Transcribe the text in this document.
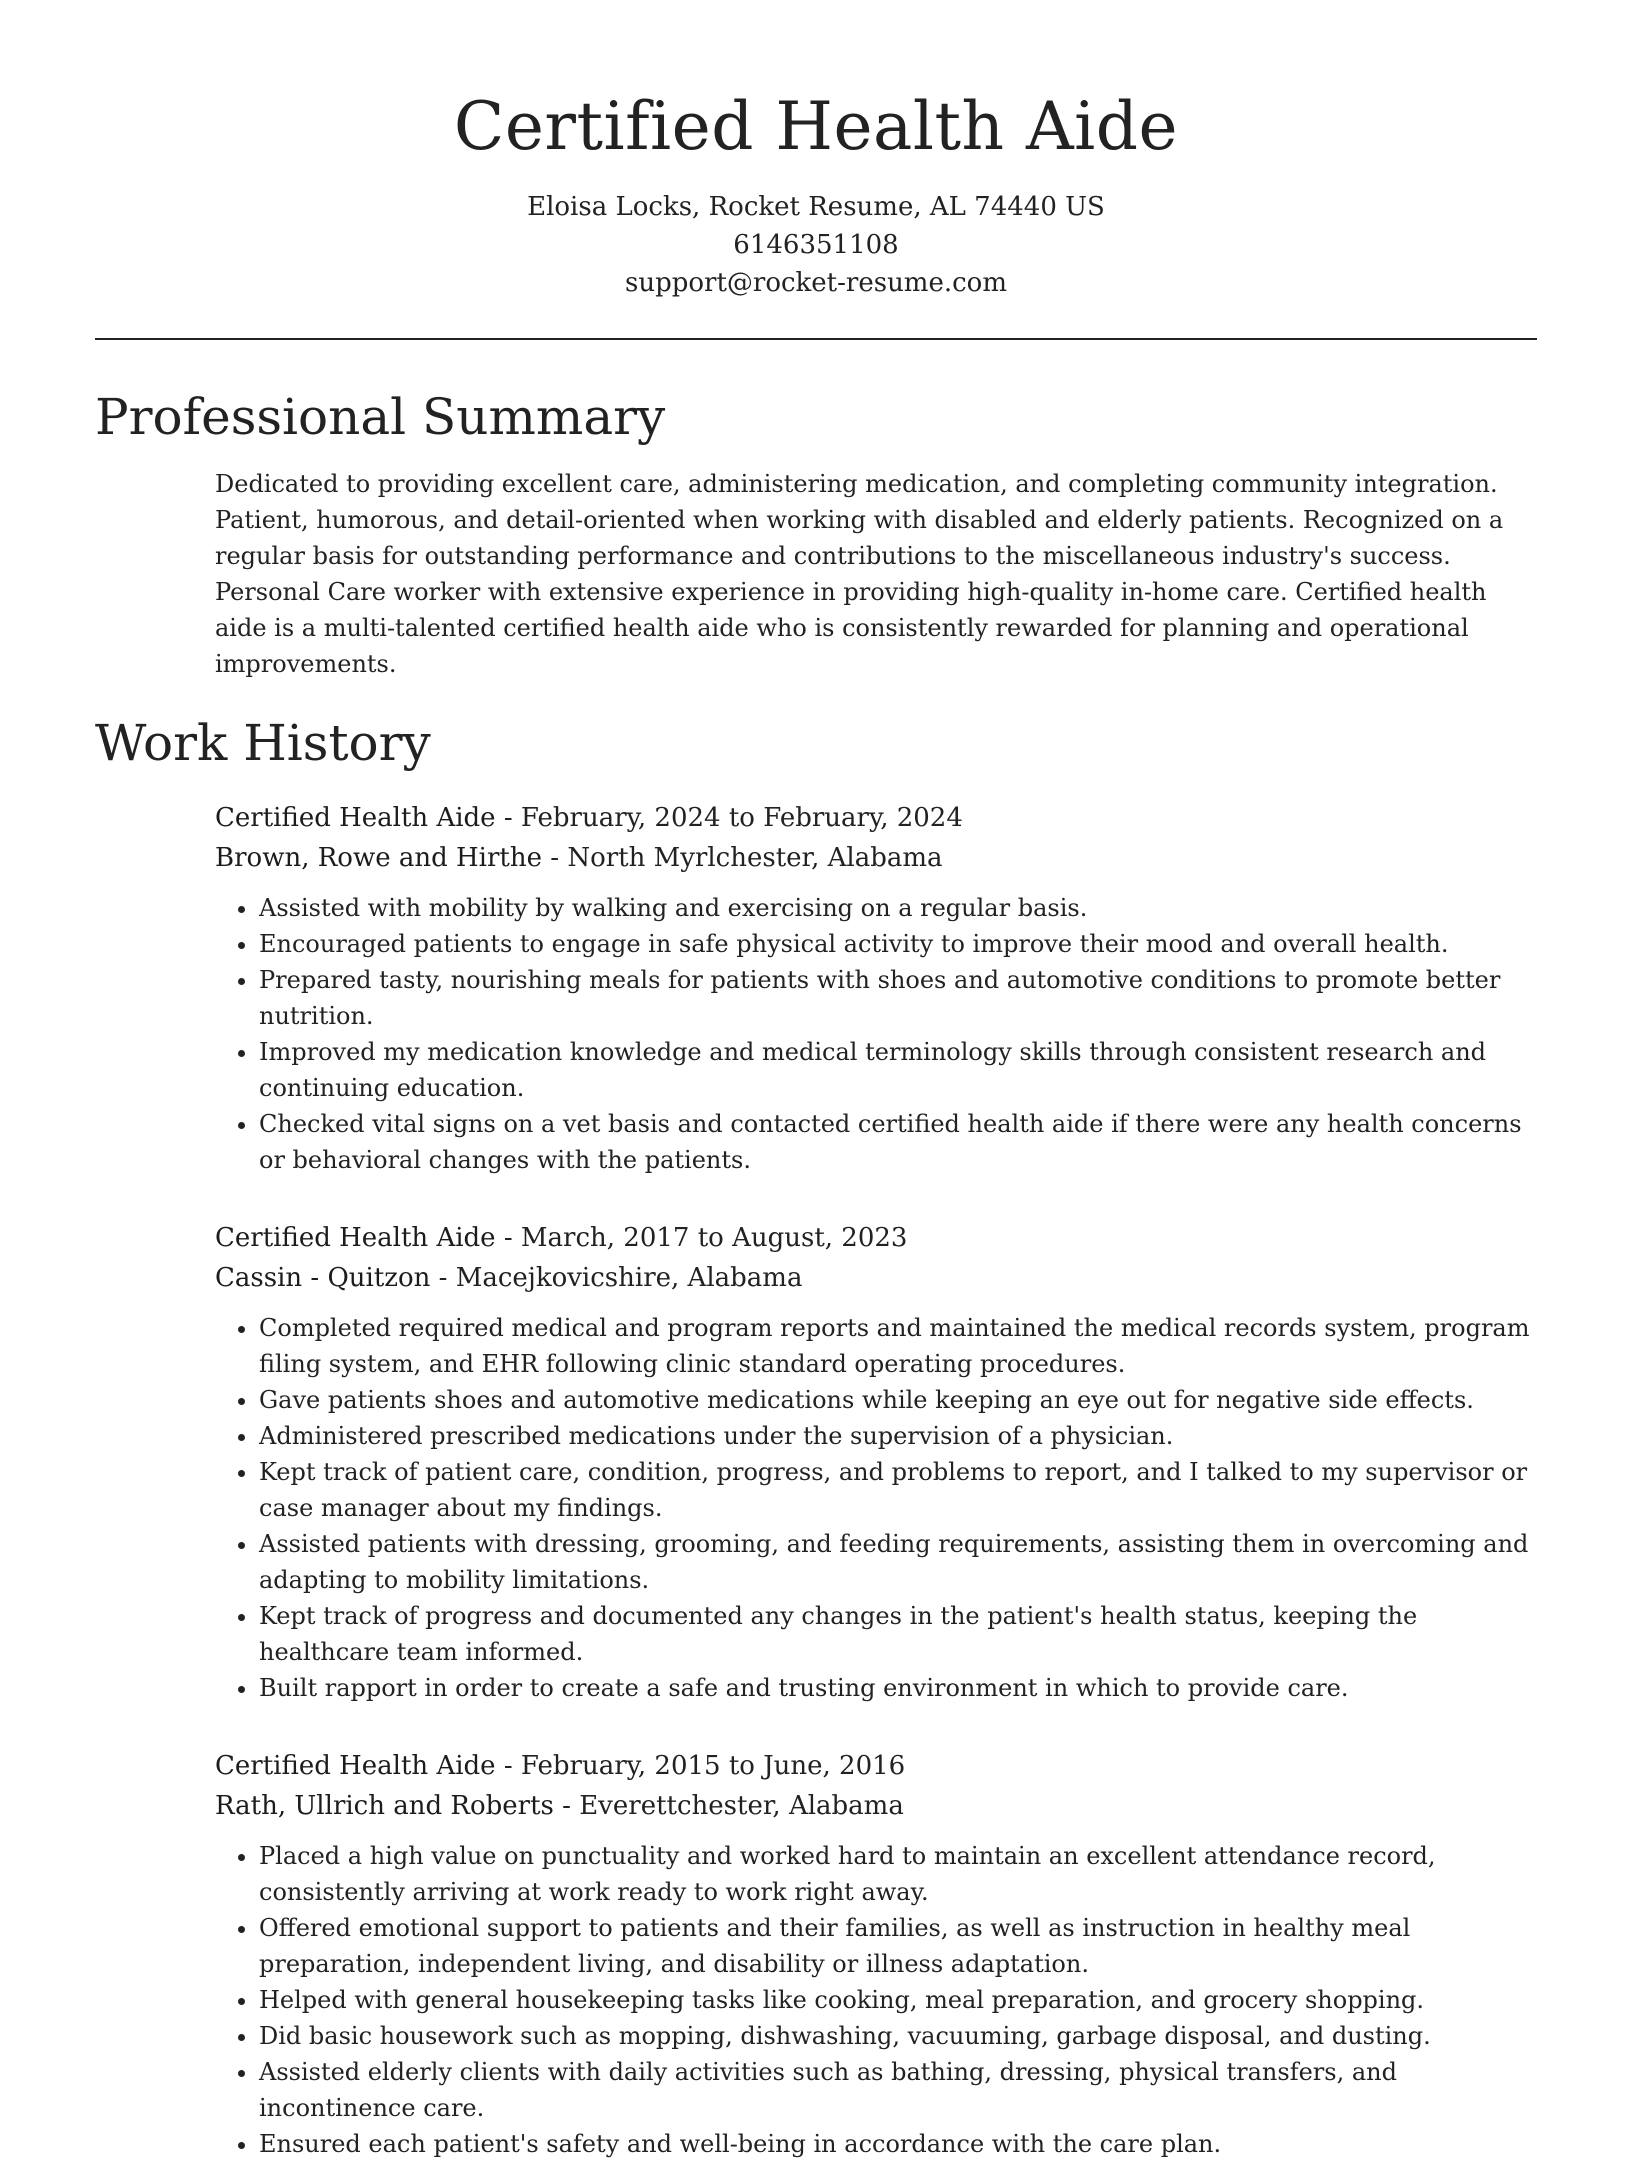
Certified Health Aide
Eloisa Locks, Rocket Resume, AL 74440 US
6146351108
support@rocket-resume.com
Professional Summary

Dedicated to providing excellent care, administering medication, and completing community integration. Patient, humorous, and detail-oriented when working with disabled and elderly patients. Recognized on a regular basis for outstanding performance and contributions to the miscellaneous industry's success. Personal Care worker with extensive experience in providing high-quality in-home care. Certified health aide is a multi-talented certified health aide who is consistently rewarded for planning and operational improvements.

Work History
Certified Health Aide - February, 2024 to February, 2024
Brown, Rowe and Hirthe - North Myrlchester, Alabama
• Assisted with mobility by walking and exercising on a regular basis.
• Encouraged patients to engage in safe physical activity to improve their mood and overall health.
• Prepared tasty, nourishing meals for patients with shoes and automotive conditions to promote better nutrition.
• Improved my medication knowledge and medical terminology skills through consistent research and continuing education.
• Checked vital signs on a vet basis and contacted certified health aide if there were any health concerns or behavioral changes with the patients.
Certified Health Aide - March, 2017 to August, 2023
Cassin - Quitzon - Macejkovicshire, Alabama
• Completed required medical and program reports and maintained the medical records system, program filing system, and EHR following clinic standard operating procedures.
• Gave patients shoes and automotive medications while keeping an eye out for negative side effects.
• Administered prescribed medications under the supervision of a physician.
• Kept track of patient care, condition, progress, and problems to report, and I talked to my supervisor or case manager about my findings.
• Assisted patients with dressing, grooming, and feeding requirements, assisting them in overcoming and adapting to mobility limitations.
• Kept track of progress and documented any changes in the patient's health status, keeping the healthcare team informed.
• Built rapport in order to create a safe and trusting environment in which to provide care.
Certified Health Aide - February, 2015 to June, 2016
Rath, Ullrich and Roberts - Everettchester, Alabama
• Placed a high value on punctuality and worked hard to maintain an excellent attendance record, consistently arriving at work ready to work right away.
• Offered emotional support to patients and their families, as well as instruction in healthy meal preparation, independent living, and disability or illness adaptation.
• Helped with general housekeeping tasks like cooking, meal preparation, and grocery shopping.
• Did basic housework such as mopping, dishwashing, vacuuming, garbage disposal, and dusting.
• Assisted elderly clients with daily activities such as bathing, dressing, physical transfers, and incontinence care.
• Ensured each patient's safety and well-being in accordance with the care plan.
